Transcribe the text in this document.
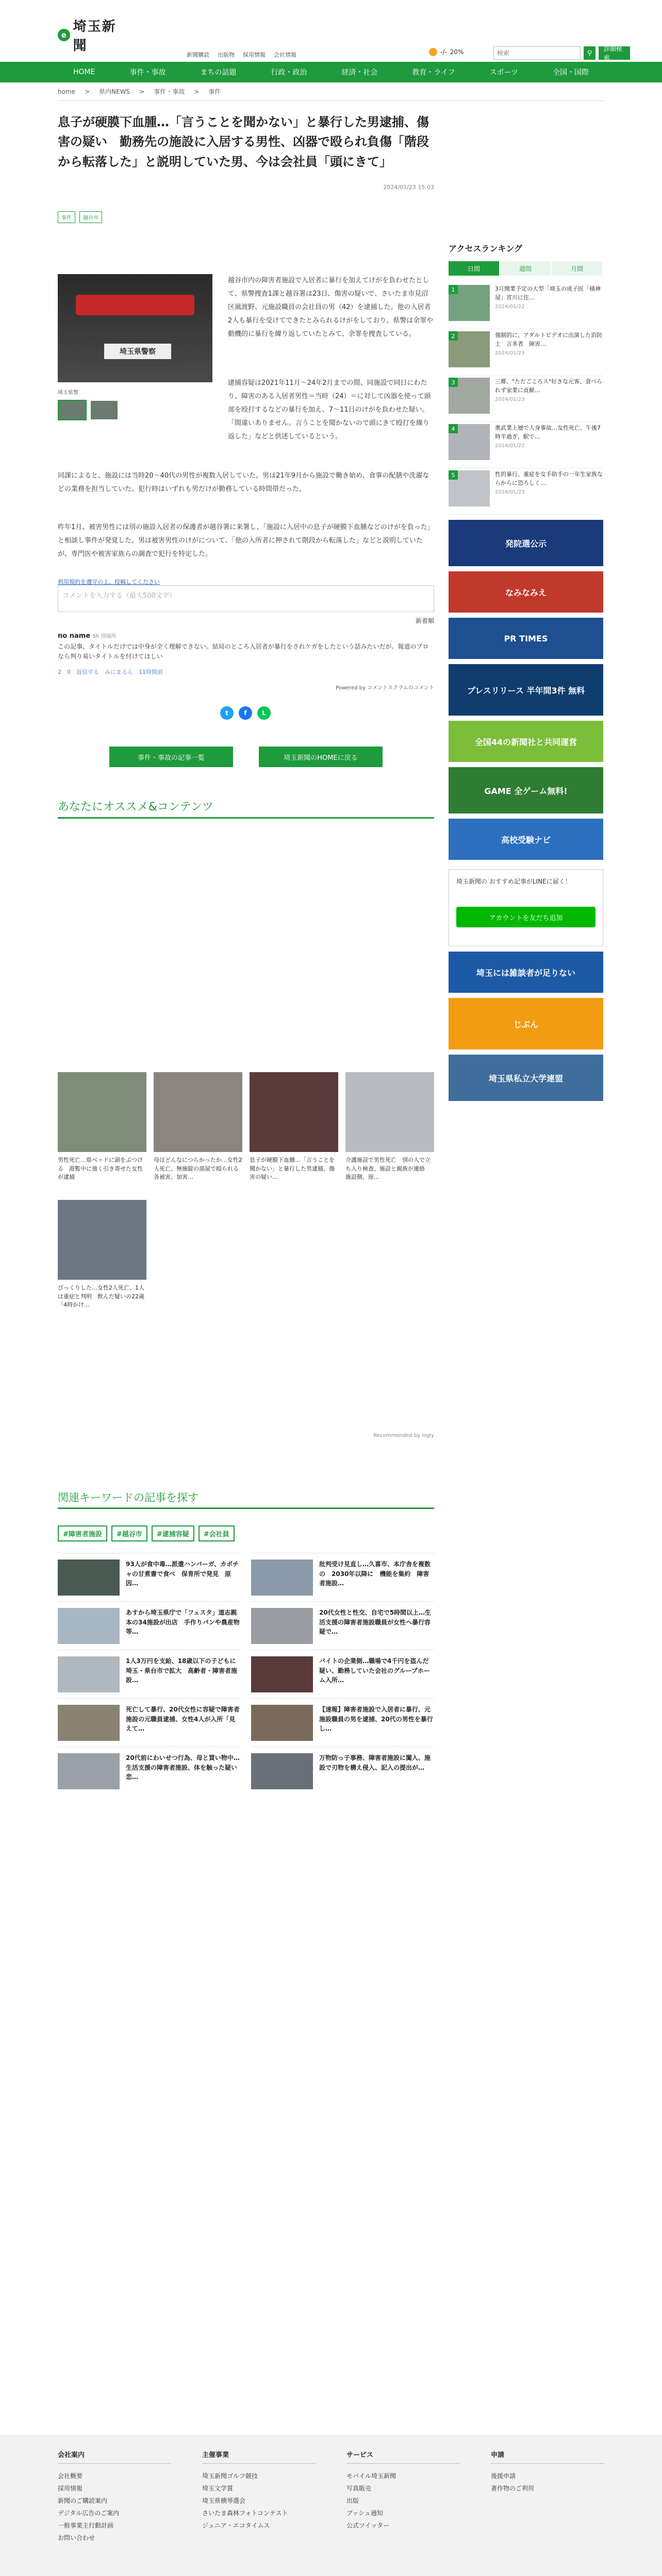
e
埼玉新聞
新聞購読 出版物 採用情報 会社情報	-/- 20%
検索	⚲
詳細検索
HOME	事件・事故	まちの話題	行政・政治	経済・社会	教育・ライフ	スポーツ	全国・国際
home > 県内NEWS > 事件・事故 > 事件
息子が硬膜下血腫…「言うことを聞かない」と暴行した男逮捕、傷害の疑い　勤務先の施設に入居する男性、凶器で殴られ負傷「階段から転落した」と説明していた男、今は会社員「頭にきて」
2024/01/23 15:03
事件	越谷市
埼玉県警察
埼玉県警

越谷市内の障害者施設で入居者に暴行を加えてけがを負わせたとして、県警捜査1課と越谷署は23日、傷害の疑いで、さいたま市見沼区風渡野、元施設職員の会社員の男（42）を逮捕した。他の入居者2人も暴行を受けてできたとみられるけがをしており、県警は余罪や動機的に暴行を繰り返していたとみて、余罪を捜査している。

逮捕容疑は2021年11月〜24年2月までの間、同施設で同日にわたり、障害のある入居者男性＝当時（24）＝に対して凶器を使って頭部を殴打するなどの暴行を加え、7〜11日のけがを負わせた疑い。「間違いありません。言うことを聞かないので頭にきて殴打を繰り返した」などと供述しているという。

同課によると、施設には当時20〜40代の男性が複数入居していた。男は21年9月から施設で働き始め、食事の配膳や洗濯などの業務を担当していた。犯行時はいずれも男だけが勤務している時間帯だった。

昨年1月、被害男性には別の施設入居者の保護者が越谷署に来署し、「施設に入居中の息子が硬膜下血腫などのけがを負った」と相談し事件が発覚した。男は被害男性のけがについて、「他の入所者に押されて階段から転落した」などと説明していたが、専門医や被害家族らの調査で犯行を特定した。

利用規約を遵守の上、投稿してください
コメントを入力する（最大500文字）
新着順
no name 5h 別端所
この記事、タイトルだけでは中身が全く理解できない。結局のところ入居者が暴行をされケガをしたという話みたいだが。報道のプロなら判り易いタイトルを付けてほしい
2　0　返信する　みにまるん　11時間前
Powered by コメントスクラムのコメント
t	f	L
事件・事故の記事一覧	埼玉新聞のHOMEに戻る
あなたにオススメ&コンテンツ
男性死亡…県ベッドに頭をぶつける　遊覧中に強く引き寄せた女性が逮捕
母はどんなにつらかったか…女性2人死亡、無施錠の部屋で殴られる　各被害、加害…
息子が硬膜下血腫…「言うことを聞かない」と暴行した男逮捕、傷害の疑い…
介護施設で男性死亡　別の人で立ち入り検査、施設と親族が連絡　施設側、原…
びっくりした…女性2人死亡、1人は重症と判明　飲んだ疑いの22歳「4時かけ…
Recommended by logly
関連キーワードの記事を探す
#障害者施設	#越谷市	#逮捕容疑	#会社員
93人が食中毒…派遣ハンバーガ、カボチャの甘煮書で食べ　保育所で発見　原因…
批判受け見直し…久喜市、本庁舎を複数の　2030年以降に　機能を集約　障害者施設…
あすから埼玉県庁で「フェスタ」道志親本の34施設が出店　手作りパンや農産物等…
20代女性と性交、自宅で5時間以上…生活支援の障害者施設職員が女性へ暴行容疑で…
1人3万円を支給、18歳以下の子どもに　埼玉・県台市で拡大　高齢者・障害者施設…
バイトの企業側…職場で4千円を盗んだ疑い、勤務していた会社のグループホーム入所…
死亡して暴行、20代女性に容疑で障害者施設の元職員逮捕、女性4人が入所「見えて…
【速報】障害者施設で入居者に暴行、元施設職員の男を逮捕、20代の男性を暴行し…
20代前にわいせつ行為、母と買い物中…生活支援の障害者施設、体を触った疑い　恋…
万物防っ子事務、障害者施設に闖入、施設で刃物を構え侵入、記入の提出が…
アクセスランキング
日間	週間	月間
1	3月開業予定の大型「埼玉の成子医「積神屋」宮川に住…
2024/01/22
2	強制的に、アダルトビデオに出演した消防士　言多者　障害…
2024/01/23
3	三郷、"ただごころス"好きな元客、食べられず家業に貢献…
2024/01/23
4	奥武業上層で人身事故…女性死亡、午後7時半過ぎ、駅で…
2024/01/22
5	性的暴行、重症を女手助手の一年生家族ならからに恐ろしく…
2024/01/23
発院選公示
なみなみえ
PR TIMES
プレスリリース 半年間3件 無料
全国44の新聞社と共同運営
GAME 全ゲーム無料!
高校受験ナビ
埼玉新聞の おすすめ記事がLINEに届く！
アカウントを友だち追加
埼玉には雑談者が足りない
じぶん
埼玉県私立大学連盟
会社案内
会社概要
採用情報
新聞のご購読案内
デジタル広告のご案内
一般事業主行動計画
お問い合わせ
主催事業
埼玉新聞ゴルフ競技
埼玉文学賞
埼玉県横琴選会
さいたま森林フォトコンテスト
ジュニア・エコタイムス
サービス
モバイル埼玉新聞
写真販売
出版
プッシュ通知
公式ツイッター
申請
後援申請
著作物のご利用
